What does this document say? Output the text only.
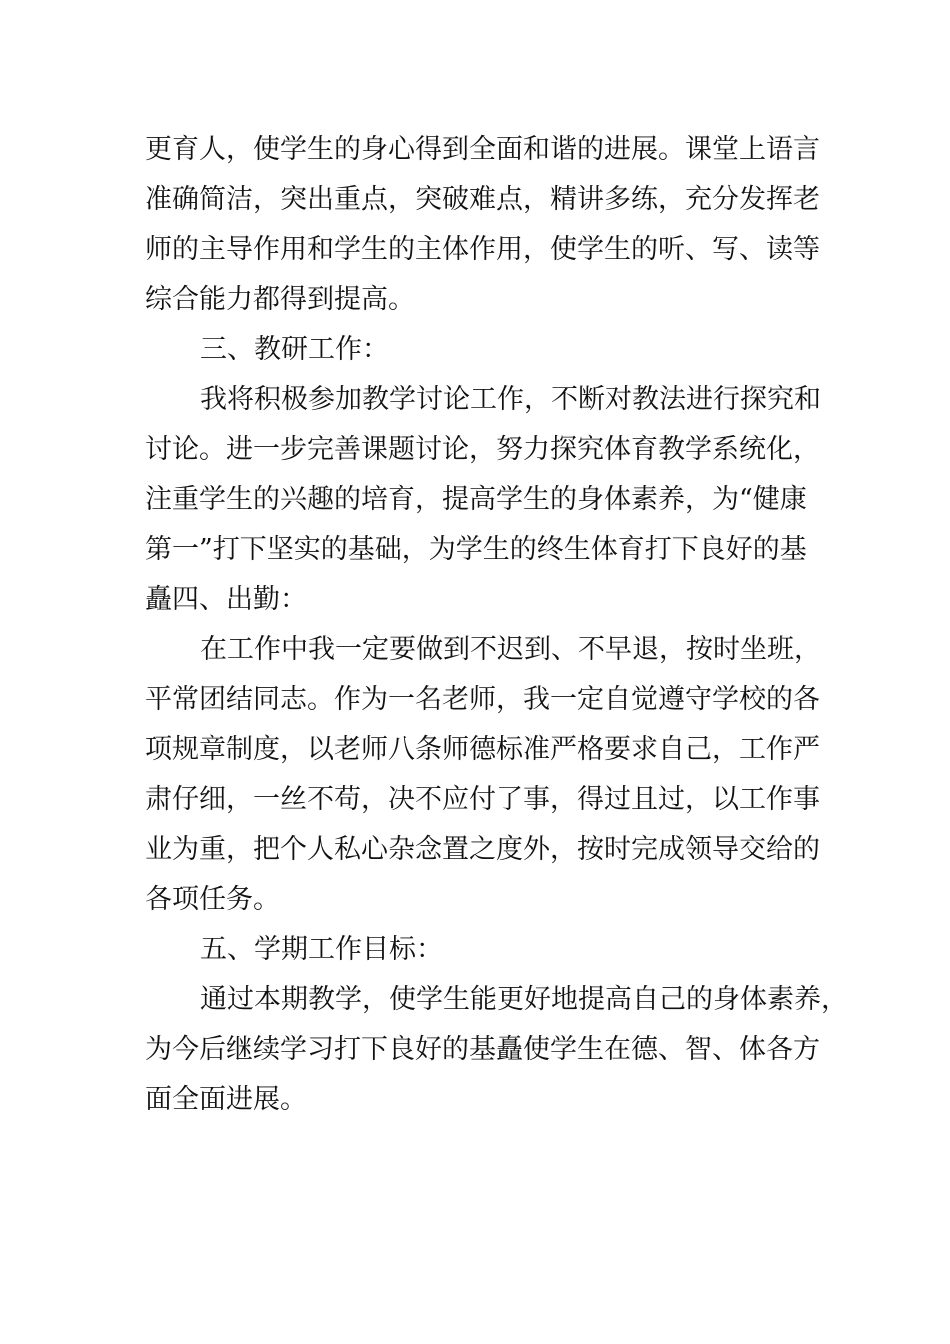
更育人，使学生的身心得到全面和谐的进展。课堂上语言

准确简洁，突出重点，突破难点，精讲多练，充分发挥老

师的主导作用和学生的主体作用，使学生的听、写、读等

综合能力都得到提高。

三、教研工作：

我将积极参加教学讨论工作，不断对教法进行探究和

讨论。进一步完善课题讨论，努力探究体育教学系统化，

注重学生的兴趣的培育，提高学生的身体素养，为“健康

第一”打下坚实的基础，为学生的终生体育打下良好的基

矗四、出勤：

在工作中我一定要做到不迟到、不早退，按时坐班，

平常团结同志。作为一名老师，我一定自觉遵守学校的各

项规章制度，以老师八条师德标准严格要求自己，工作严

肃仔细，一丝不苟，决不应付了事，得过且过，以工作事

业为重，把个人私心杂念置之度外，按时完成领导交给的

各项任务。

五、学期工作目标：

通过本期教学，使学生能更好地提高自己的身体素养，

为今后继续学习打下良好的基矗使学生在德、智、体各方

面全面进展。
